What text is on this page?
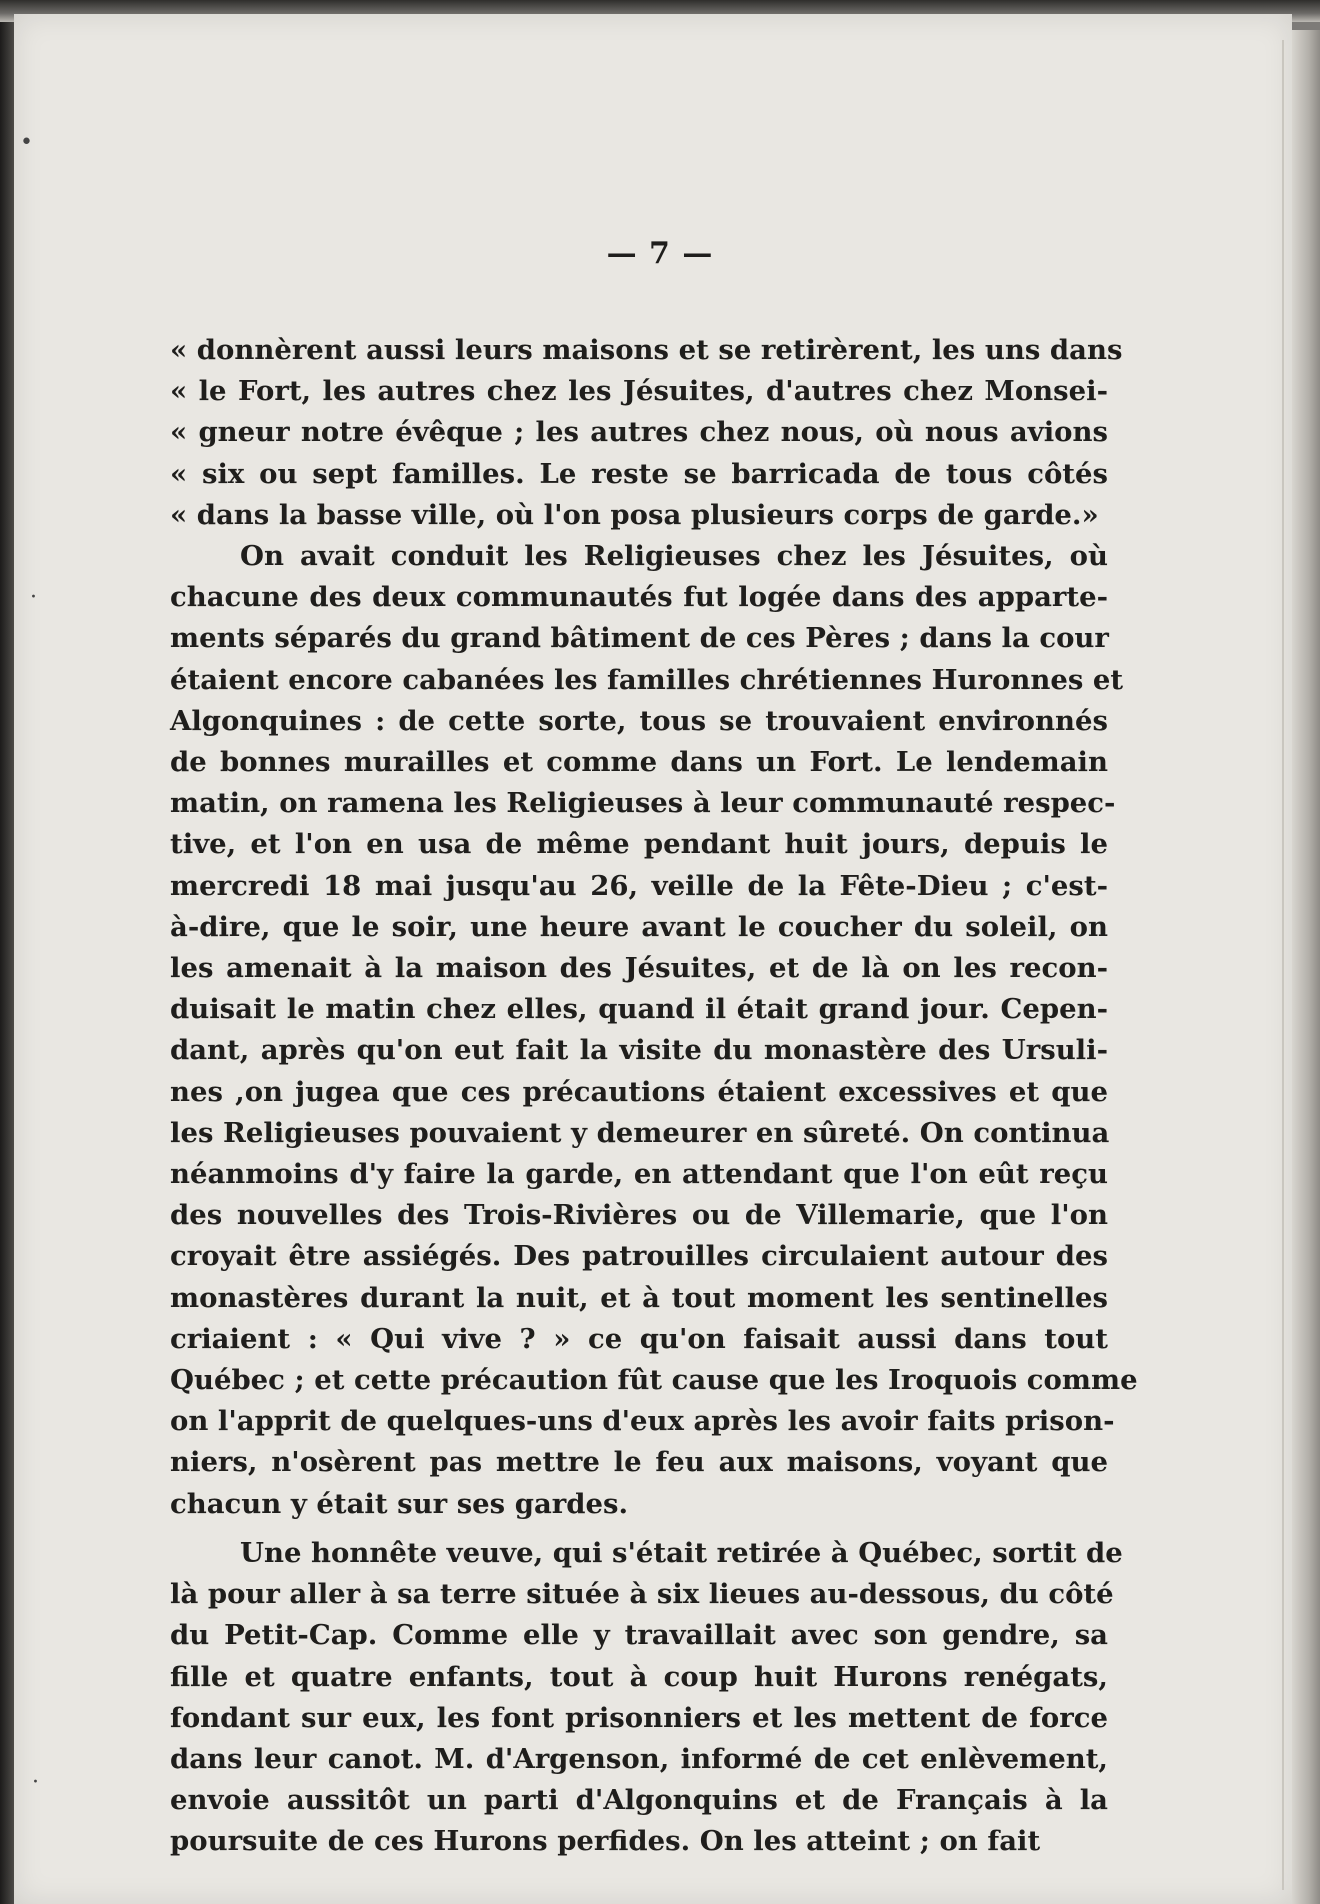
•
·
·
— 7 —
« donnèrent aussi leurs maisons et se retirèrent, les uns dans
« le Fort, les autres chez les Jésuites, d'autres chez Monsei-
« gneur notre évêque ; les autres chez nous, où nous avions
« six ou sept familles. Le reste se barricada de tous côtés
« dans la basse ville, où l'on posa plusieurs corps de garde.»
On avait conduit les Religieuses chez les Jésuites, où
chacune des deux communautés fut logée dans des apparte-
ments séparés du grand bâtiment de ces Pères ; dans la cour
étaient encore cabanées les familles chrétiennes Huronnes et
Algonquines : de cette sorte, tous se trouvaient environnés
de bonnes murailles et comme dans un Fort. Le lendemain
matin, on ramena les Religieuses à leur communauté respec-
tive, et l'on en usa de même pendant huit jours, depuis le
mercredi 18 mai jusqu'au 26, veille de la Fête-Dieu ; c'est-
à-dire, que le soir, une heure avant le coucher du soleil, on
les amenait à la maison des Jésuites, et de là on les recon-
duisait le matin chez elles, quand il était grand jour. Cepen-
dant, après qu'on eut fait la visite du monastère des Ursuli-
nes ,on jugea que ces précautions étaient excessives et que
les Religieuses pouvaient y demeurer en sûreté. On continua
néanmoins d'y faire la garde, en attendant que l'on eût reçu
des nouvelles des Trois-Rivières ou de Villemarie, que l'on
croyait être assiégés. Des patrouilles circulaient autour des
monastères durant la nuit, et à tout moment les sentinelles
criaient : « Qui vive ? » ce qu'on faisait aussi dans tout
Québec ; et cette précaution fût cause que les Iroquois comme
on l'apprit de quelques-uns d'eux après les avoir faits prison-
niers, n'osèrent pas mettre le feu aux maisons, voyant que
chacun y était sur ses gardes.
Une honnête veuve, qui s'était retirée à Québec, sortit de
là pour aller à sa terre située à six lieues au-dessous, du côté
du Petit-Cap. Comme elle y travaillait avec son gendre, sa
fille et quatre enfants, tout à coup huit Hurons renégats,
fondant sur eux, les font prisonniers et les mettent de force
dans leur canot. M. d'Argenson, informé de cet enlèvement,
envoie aussitôt un parti d'Algonquins et de Français à la
poursuite de ces Hurons perfides. On les atteint ; on fait
